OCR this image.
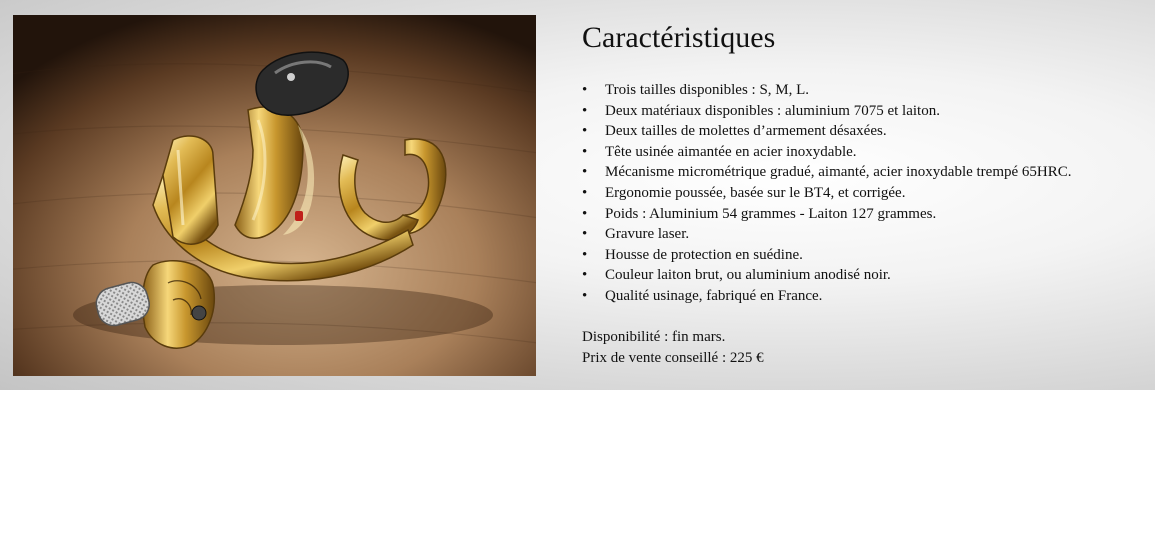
Caractéristiques
• Trois tailles disponibles : S, M, L.
• Deux matériaux disponibles : aluminium 7075 et laiton.
• Deux tailles de molettes d’armement désaxées.
• Tête usinée aimantée en acier inoxydable.
• Mécanisme micrométrique gradué, aimanté, acier inoxydable trempé 65HRC.
• Ergonomie poussée, basée sur le BT4, et corrigée.
• Poids : Aluminium 54 grammes - Laiton 127 grammes.
• Gravure laser.
• Housse de protection en suédine.
• Couleur laiton brut, ou aluminium anodisé noir.
• Qualité usinage, fabriqué en France.
Disponibilité : fin mars.
Prix de vente conseillé : 225 €
